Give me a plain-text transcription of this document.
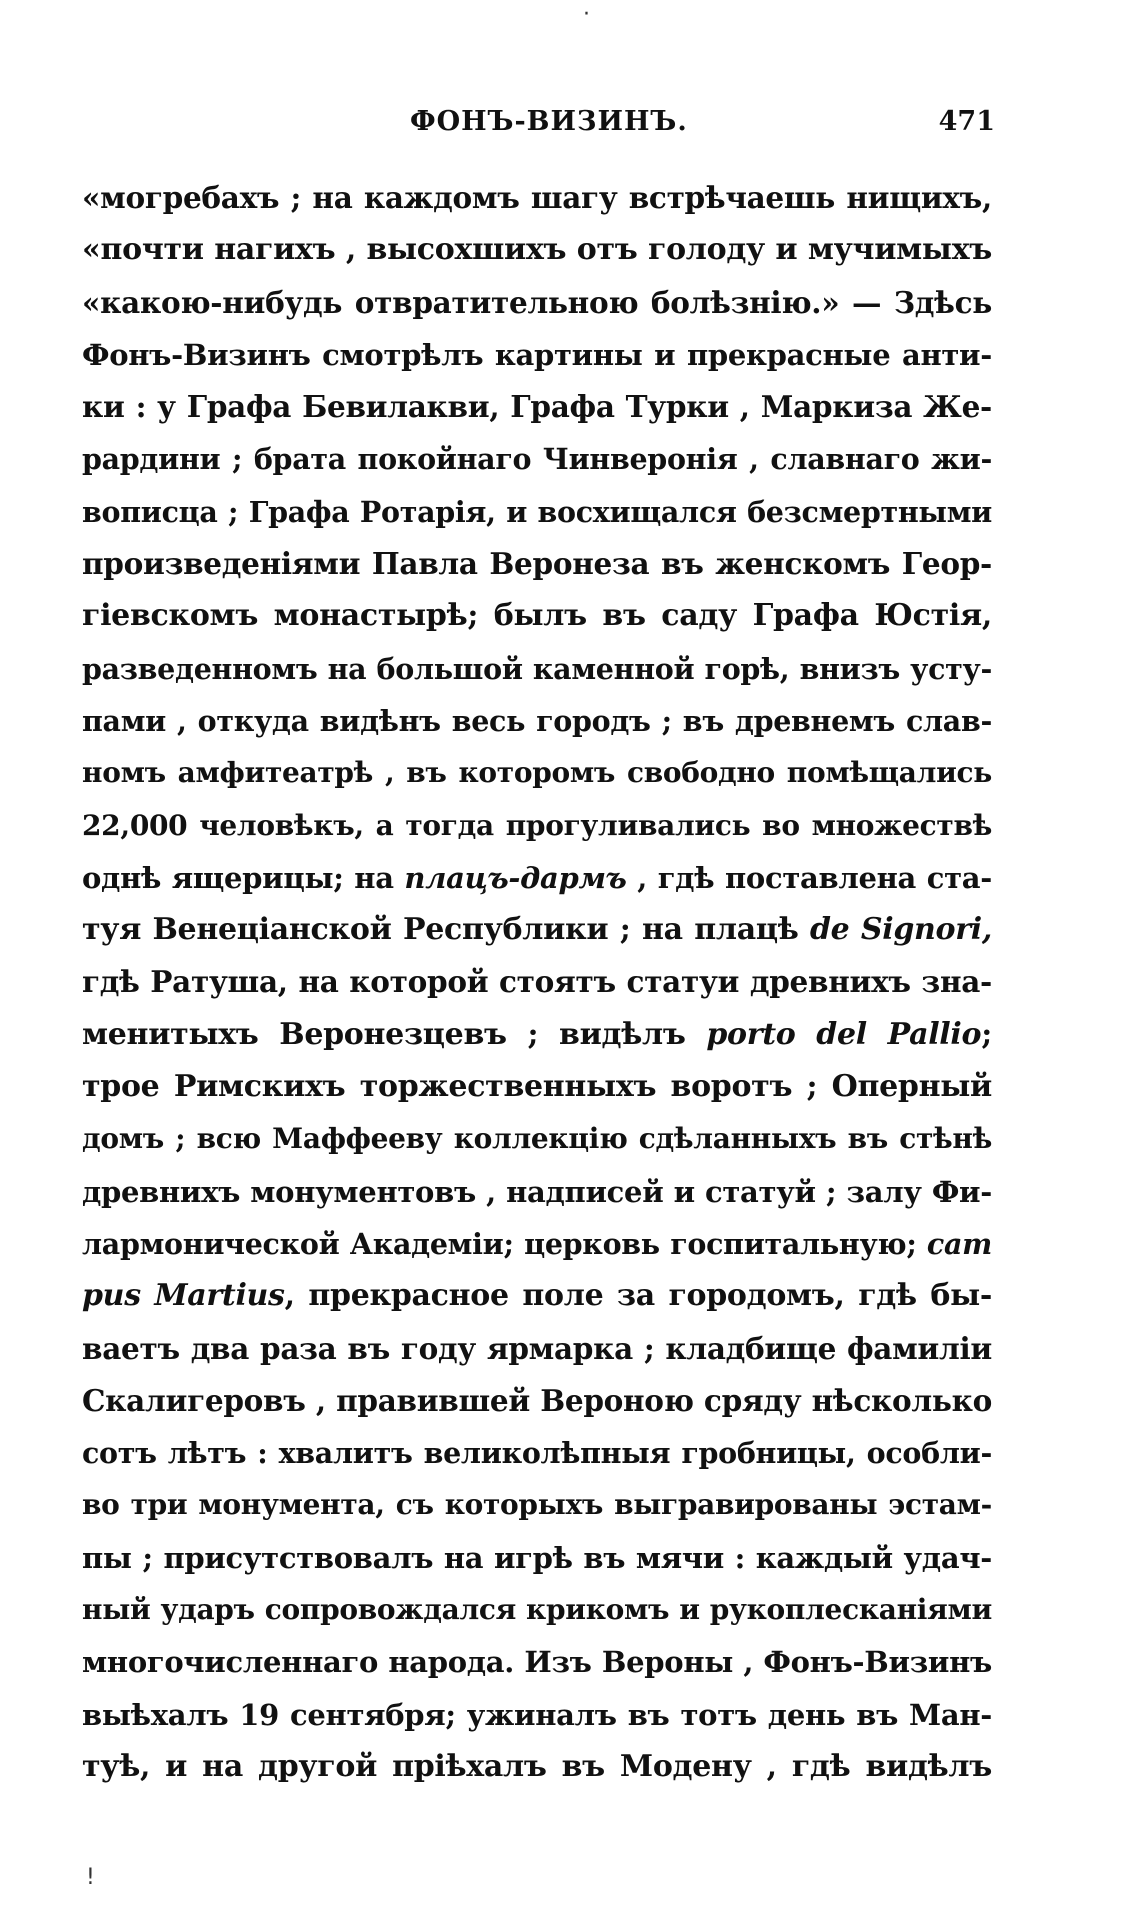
ФОНЪ-ВИЗИНЪ.	471
«могребахъ ; на каждомъ шагу встрѣчаешь нищихъ,
«почти нагихъ , высохшихъ отъ голоду и мучимыхъ
«какою-нибудь отвратительною болѣзнію.» — Здѣсь
Фонъ-Визинъ смотрѣлъ картины и прекрасные анти-
ки : у Графа Бевилакви, Графа Турки , Маркиза Же-
рардини ; брата покойнаго Чинверонія , славнаго жи-
вописца ; Графа Ротарія, и восхищался безсмертными
произведеніями Павла Веронеза въ женскомъ Геор-
гіевскомъ монастырѣ; былъ въ саду Графа Юстія,
разведенномъ на большой каменной горѣ, внизъ усту-
пами , откуда видѣнъ весь городъ ; въ древнемъ слав-
номъ амфитеатрѣ , въ которомъ свободно помѣщались
22,000 человѣкъ, а тогда прогуливались во множествѣ
однѣ ящерицы; на плацъ-дармъ , гдѣ поставлена ста-
туя Венеціанской Республики ; на плацѣ de Signori,
гдѣ Ратуша, на которой стоятъ статуи древнихъ зна-
менитыхъ Веронезцевъ ; видѣлъ porto del Pallio;
трое Римскихъ торжественныхъ воротъ ; Оперный
домъ ; всю Маффееву коллекцію сдѣланныхъ въ стѣнѣ
древнихъ монументовъ , надписей и статуй ; залу Фи-
лармонической Академіи; церковь госпитальную; cam
pus Martius, прекрасное поле за городомъ, гдѣ бы-
ваетъ два раза въ году ярмарка ; кладбище фамиліи
Скалигеровъ , правившей Вероною сряду нѣсколько
сотъ лѣтъ : хвалитъ великолѣпныя гробницы, особли-
во три монумента, съ которыхъ выгравированы эстам-
пы ; присутствовалъ на игрѣ въ мячи : каждый удач-
ный ударъ сопровождался крикомъ и рукоплесканіями
многочисленнаго народа. Изъ Вероны , Фонъ-Визинъ
выѣхалъ 19 сентября; ужиналъ въ тотъ день въ Ман-
туѣ, и на другой пріѣхалъ въ Модену , гдѣ видѣлъ
·
!
